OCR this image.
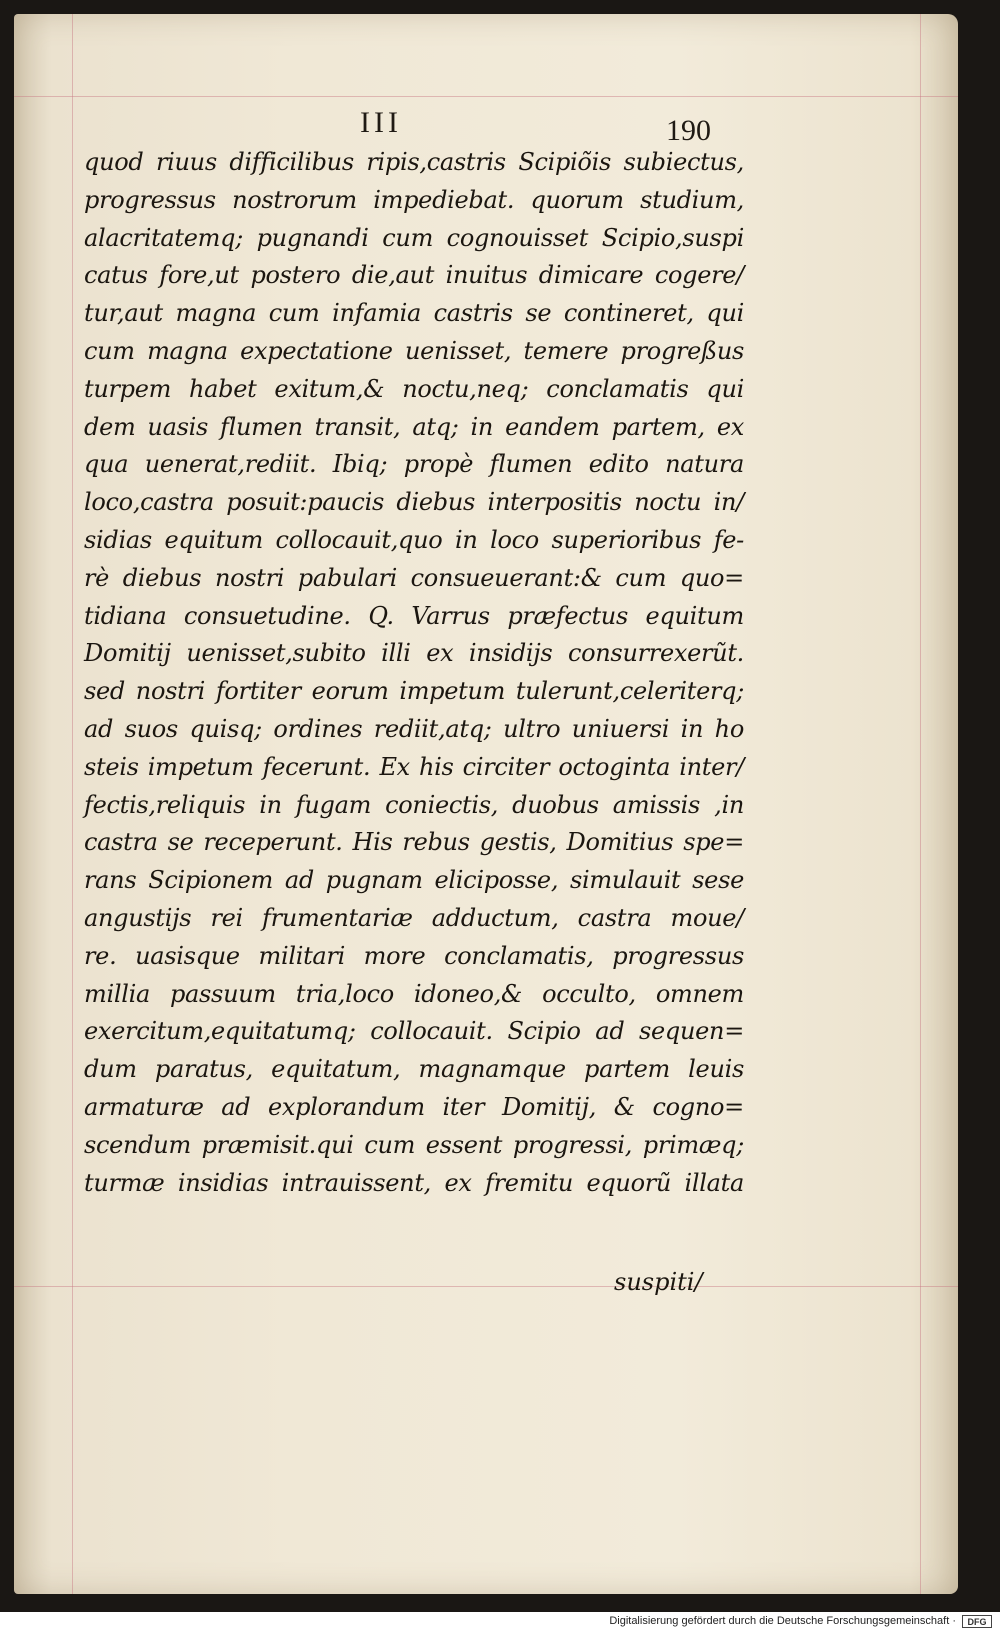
III	190
quod riuus difficilibus ripis,castris Scipiõis subiectus,
progressus nostrorum impediebat. quorum studium,
alacritatemq; pugnandi cum cognouisset Scipio,suspi
catus fore,ut postero die,aut inuitus dimicare cogere/
tur,aut magna cum infamia castris se contineret, qui
cum magna expectatione uenisset, temere progreßus
turpem habet exitum,& noctu,neq; conclamatis qui
dem uasis flumen transit, atq; in eandem partem, ex
qua uenerat,rediit. Ibiq; propè flumen edito natura
loco,castra posuit:paucis diebus interpositis noctu in/
sidias equitum collocauit,quo in loco superioribus fe-
rè diebus nostri pabulari consueuerant:& cum quo=
tidiana consuetudine. Q. Varrus præfectus equitum
Domitij uenisset,subito illi ex insidijs consurrexerũt.
sed nostri fortiter eorum impetum tulerunt,celeriterq;
ad suos quisq; ordines rediit,atq; ultro uniuersi in ho
steis impetum fecerunt. Ex his circiter octoginta inter/
fectis,reliquis in fugam coniectis, duobus amissis ,in
castra se receperunt. His rebus gestis, Domitius spe=
rans Scipionem ad pugnam eliciposse, simulauit sese
angustijs rei frumentariæ adductum, castra moue/
re. uasisque militari more conclamatis, progressus
millia passuum tria,loco idoneo,& occulto, omnem
exercitum,equitatumq; collocauit. Scipio ad sequen=
dum paratus, equitatum, magnamque partem leuis
armaturæ ad explorandum iter Domitij, & cogno=
scendum præmisit.qui cum essent progressi, primæq;
turmæ insidias intrauissent, ex fremitu equorũ illata
suspiti/
Digitalisierung gefördert durch die Deutsche Forschungsgemeinschaft ·	DFG
